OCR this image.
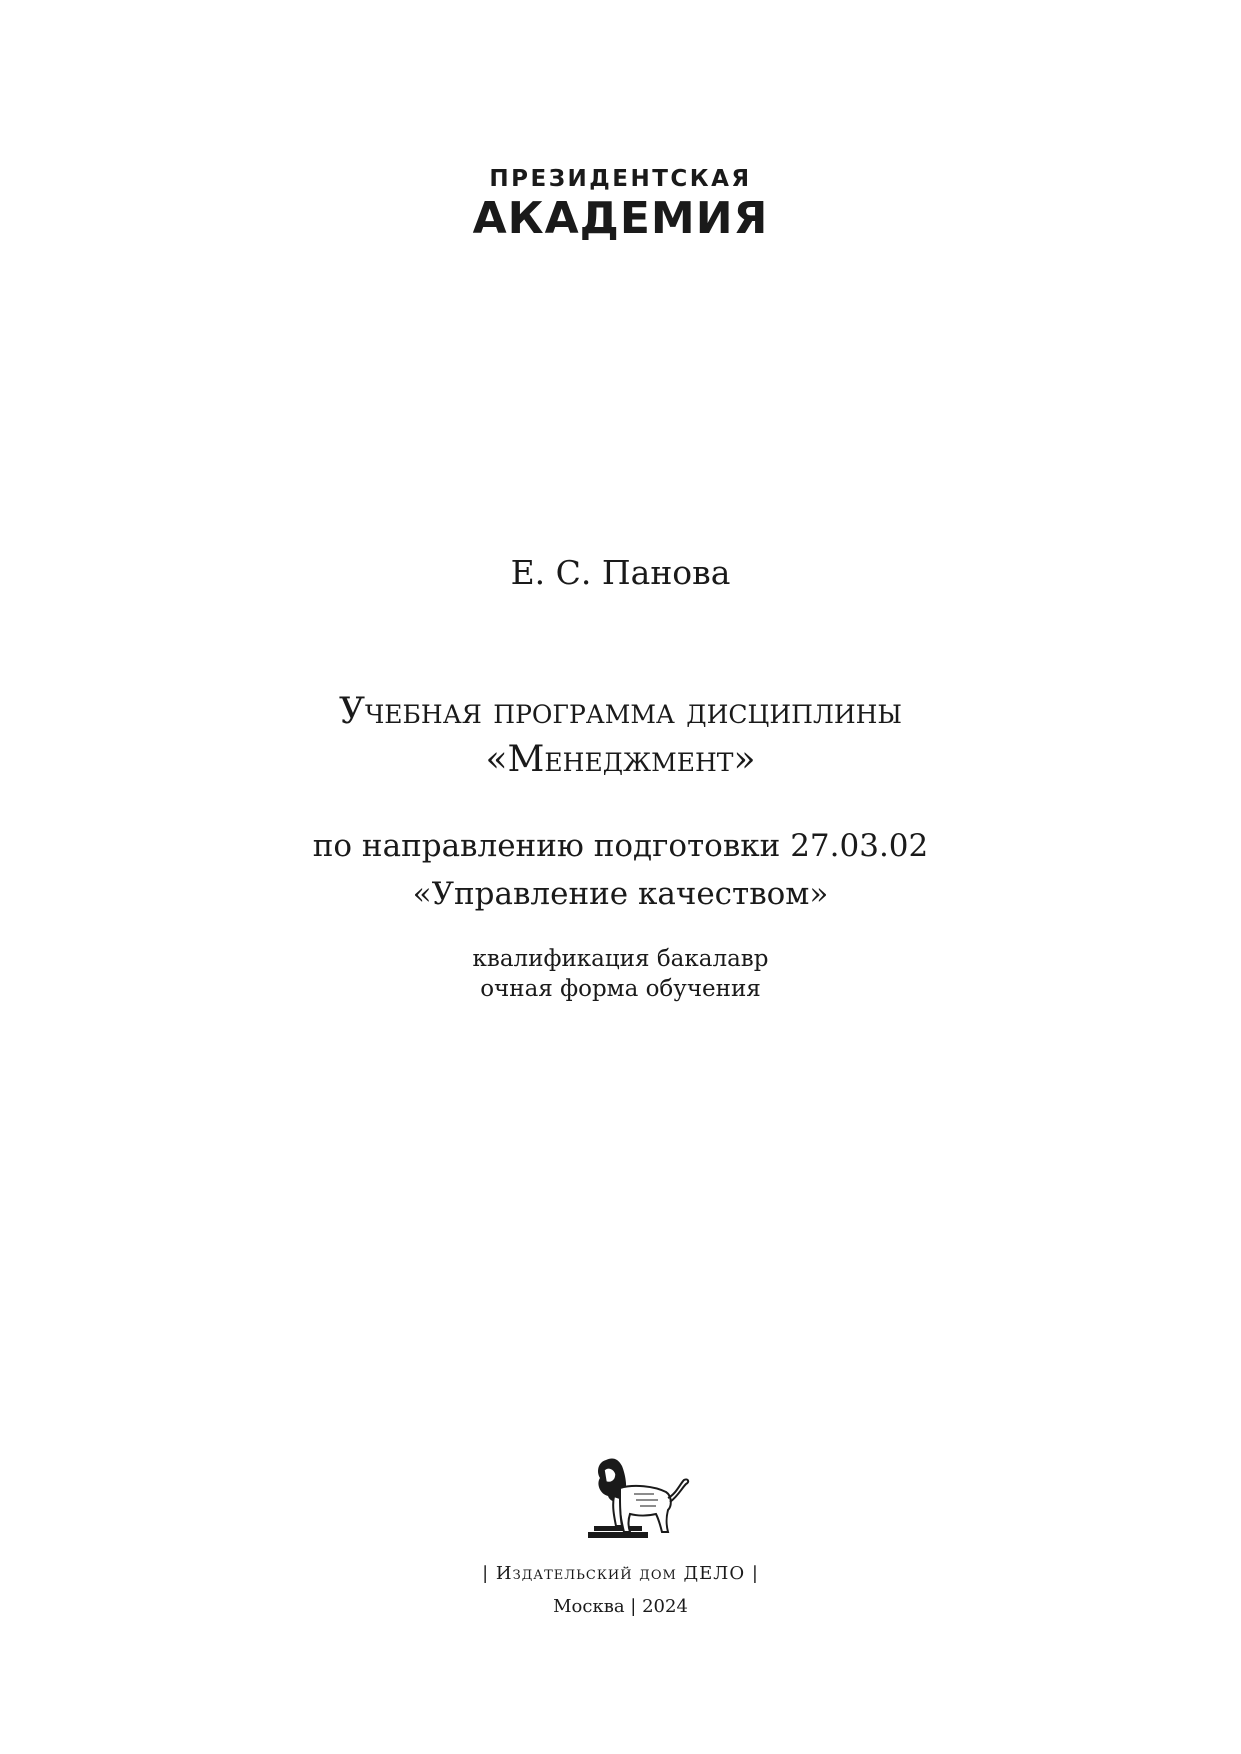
ПРЕЗИДЕНТСКАЯ
АКАДЕМИЯ
Е. С. Панова
Учебная программа дисциплины
«Менеджмент»
по направлению подготовки 27.03.02
«Управление качеством»
квалификация бакалавр
очная форма обучения
| Издательский дом ДЕЛО |
Москва | 2024
